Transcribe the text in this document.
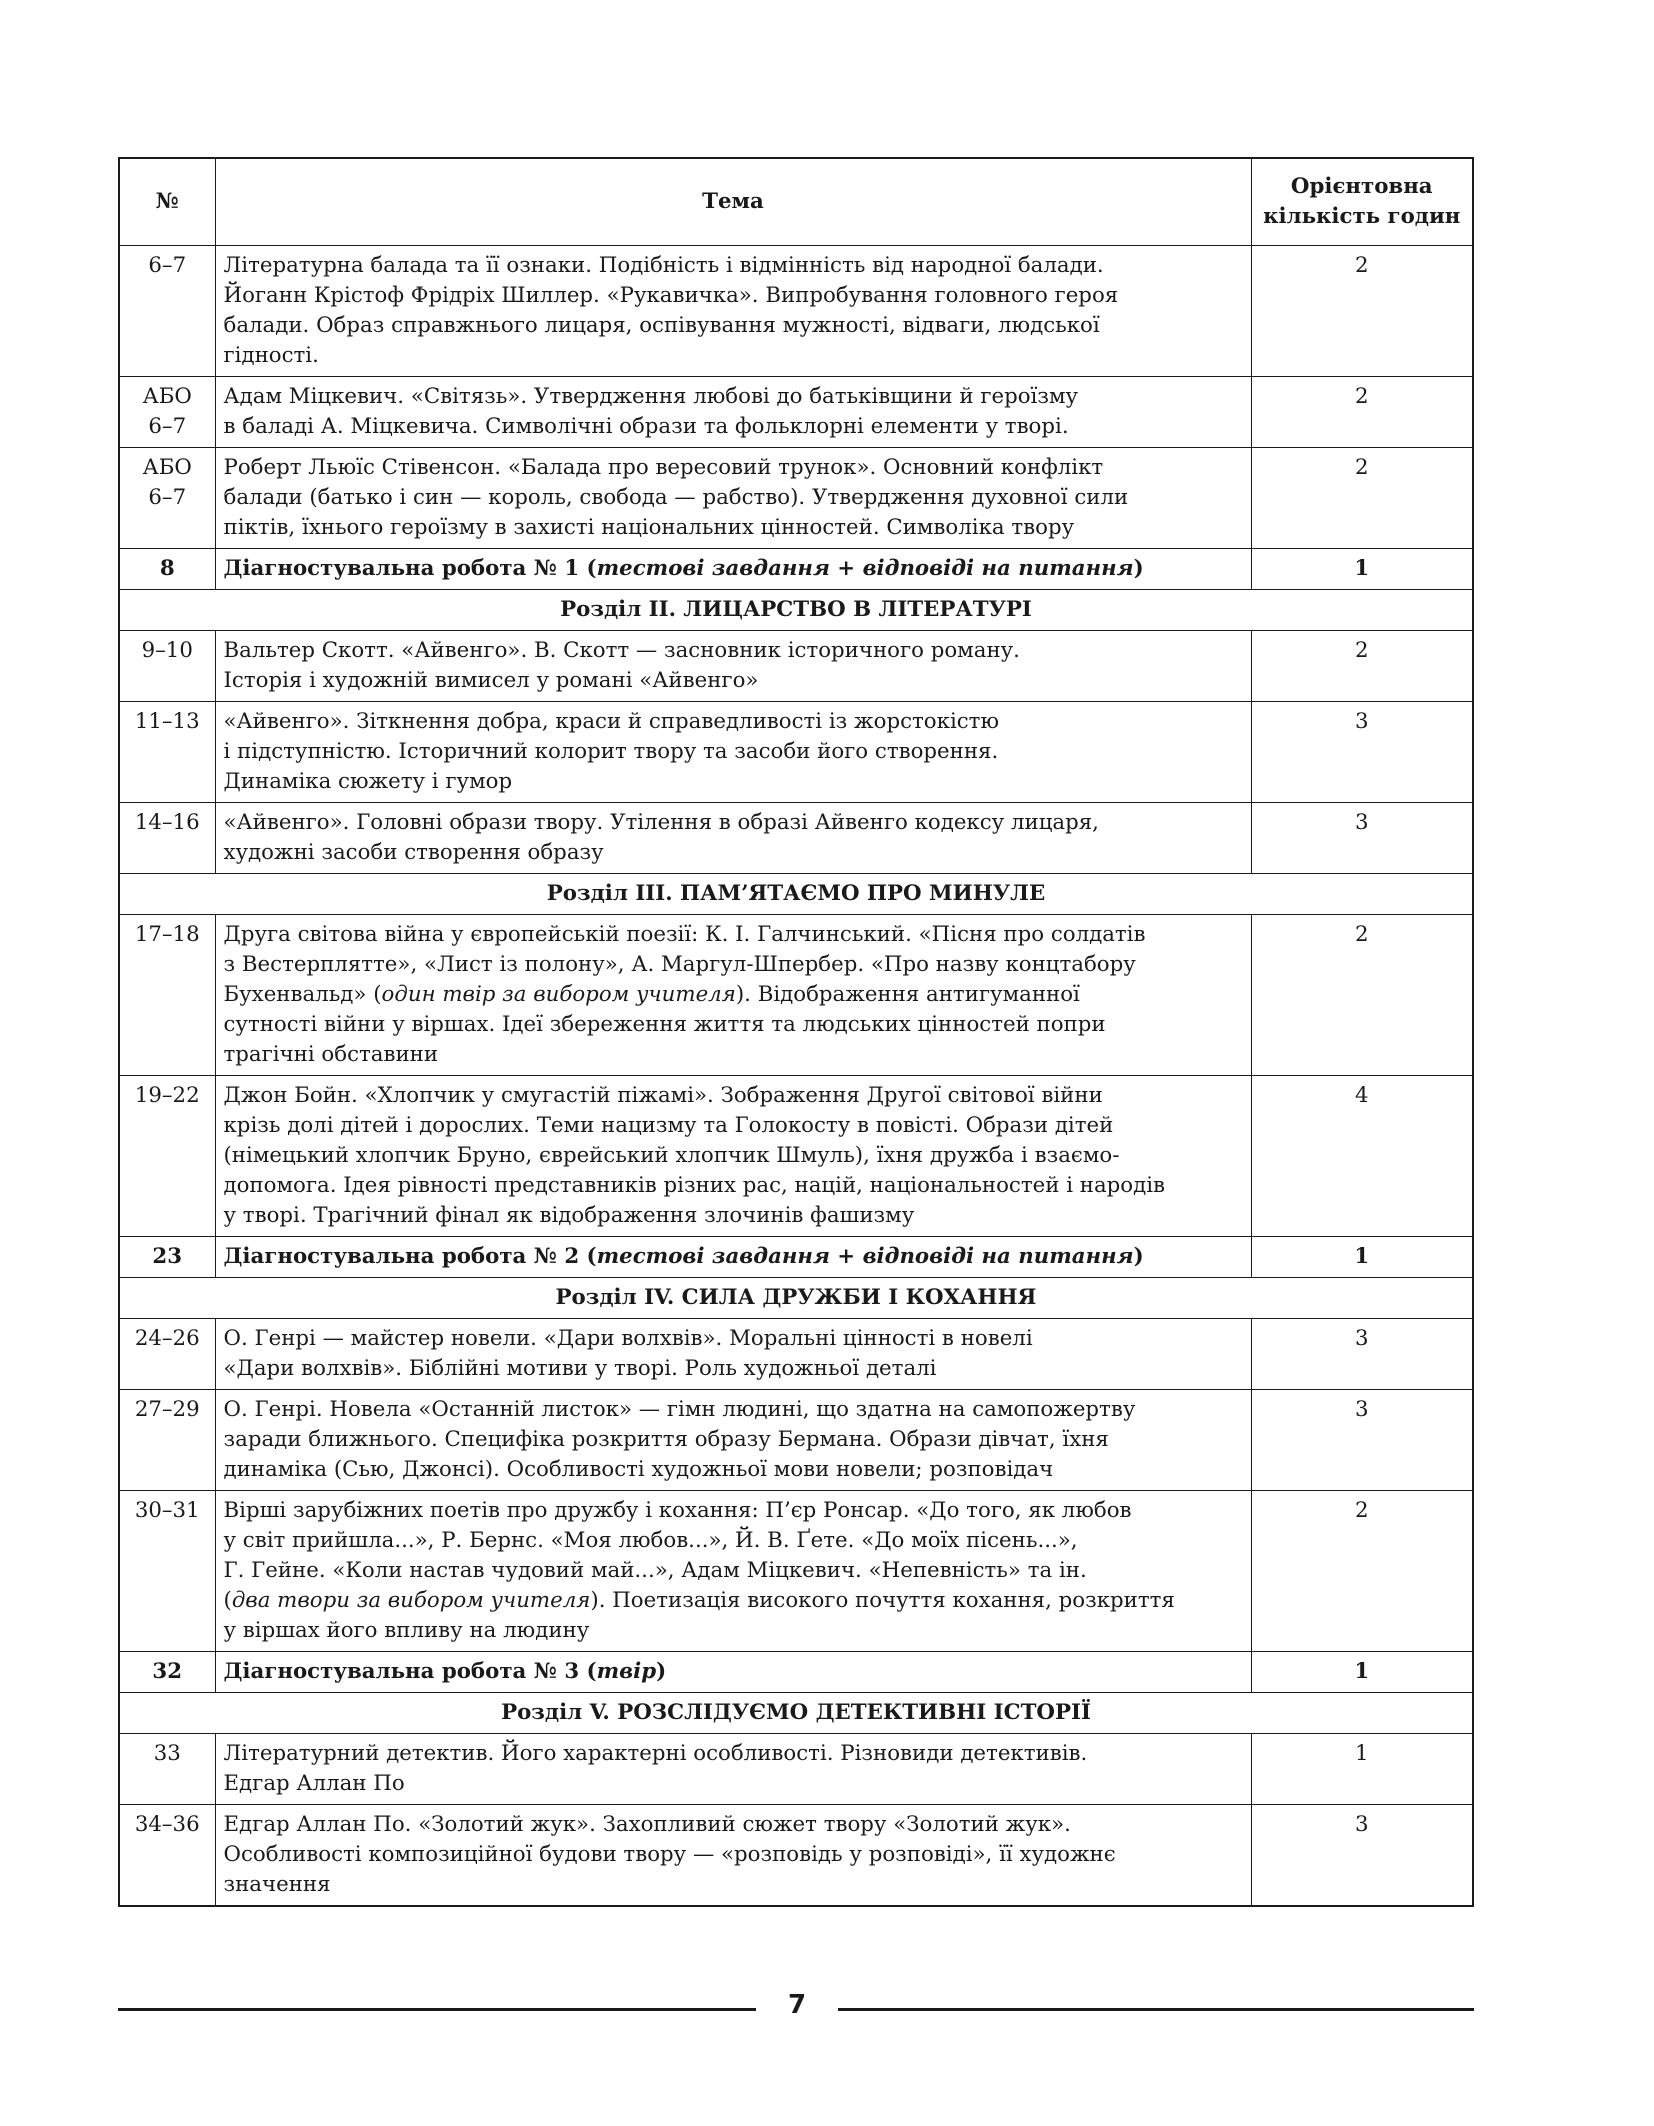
№	Тема	Орієнтовна
кількість годин
6–7	Літературна балада та її ознаки. Подібність і відмінність від народної балади.
Йоганн Крістоф Фрідріх Шиллер. «Рукавичка». Випробування головного героя
балади. Образ справжнього лицаря, оспівування мужності, відваги, людської
гідності.	2
АБО
6–7	Адам Міцкевич. «Світязь». Утвердження любові до батьківщини й героїзму
в баладі А. Міцкевича. Символічні образи та фольклорні елементи у творі.	2
АБО
6–7	Роберт Льюїс Стівенсон. «Балада про вересовий трунок». Основний конфлікт
балади (батько і син — король, свобода — рабство). Утвердження духовної сили
піктів, їхнього героїзму в захисті національних цінностей. Символіка твору	2
8	Діагностувальна робота № 1 (тестові завдання + відповіді на питання)	1
Розділ ІІ. ЛИЦАРСТВО В ЛІТЕРАТУРІ		
9–10	Вальтер Скотт. «Айвенго». В. Скотт — засновник історичного роману.
Історія і художній вимисел у романі «Айвенго»	2
11–13	«Айвенго». Зіткнення добра, краси й справедливості із жорстокістю
і підступністю. Історичний колорит твору та засоби його створення.
Динаміка сюжету і гумор	3
14–16	«Айвенго». Головні образи твору. Утілення в образі Айвенго кодексу лицаря,
художні засоби створення образу	3
Розділ ІІІ. ПАМ’ЯТАЄМО ПРО МИНУЛЕ		
17–18	Друга світова війна у європейській поезії: К. І. Галчинський. «Пісня про солдатів
з Вестерплятте», «Лист із полону», А. Маргул-Шпербер. «Про назву концтабору
Бухенвальд» (один твір за вибором учителя). Відображення антигуманної
сутності війни у віршах. Ідеї збереження життя та людських цінностей попри
трагічні обставини	2
19–22	Джон Бойн. «Хлопчик у смугастій піжамі». Зображення Другої світової війни
крізь долі дітей і дорослих. Теми нацизму та Голокосту в повісті. Образи дітей
(німецький хлопчик Бруно, єврейський хлопчик Шмуль), їхня дружба і взаємо-
допомога. Ідея рівності представників різних рас, націй, національностей і народів
у творі. Трагічний фінал як відображення злочинів фашизму	4
23	Діагностувальна робота № 2 (тестові завдання + відповіді на питання)	1
Розділ ІV. СИЛА ДРУЖБИ І КОХАННЯ		
24–26	О. Генрі — майстер новели. «Дари волхвів». Моральні цінності в новелі
«Дари волхвів». Біблійні мотиви у творі. Роль художньої деталі	3
27–29	О. Генрі. Новела «Останній листок» — гімн людині, що здатна на самопожертву
заради ближнього. Специфіка розкриття образу Бермана. Образи дівчат, їхня
динаміка (Сью, Джонсі). Особливості художньої мови новели; розповідач	3
30–31	Вірші зарубіжних поетів про дружбу і кохання: П’єр Ронсар. «До того, як любов
у світ прийшла...», Р. Бернс. «Моя любов...», Й. В. Ґете. «До моїх пісень...»,
Г. Гейне. «Коли настав чудовий май...», Адам Міцкевич. «Непевність» та ін.
(два твори за вибором учителя). Поетизація високого почуття кохання, розкриття
у віршах його впливу на людину	2
32	Діагностувальна робота № 3 (твір)	1
Розділ V. РОЗСЛІДУЄМО ДЕТЕКТИВНІ ІСТОРІЇ		
33	Літературний детектив. Його характерні особливості. Різновиди детективів.
Едгар Аллан По	1
34–36	Едгар Аллан По. «Золотий жук». Захопливий сюжет твору «Золотий жук».
Особливості композиційної будови твору — «розповідь у розповіді», її художнє
значення	3
7
